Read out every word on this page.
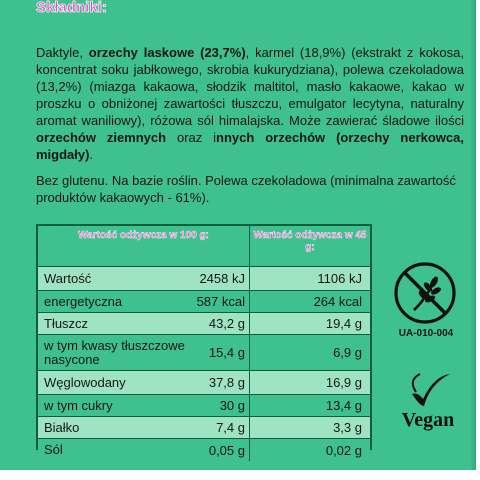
Składniki:

Daktyle, orzechy laskowe (23,7%), karmel (18,9%) (ekstrakt z kokosa, koncentrat soku jabłkowego, skrobia kukurydziana), polewa czekoladowa (13,2%) (miazga kakaowa, słodzik maltitol, masło kakaowe, kakao w proszku o obniżonej zawartości tłuszczu, emulgator lecytyna, naturalny aromat waniliowy), różowa sól himalajska. Może zawierać śladowe ilości orzechów ziemnych oraz innych orzechów (orzechy nerkowca, migdały).

Bez glutenu. Na bazie roślin. Polewa czekoladowa (minimalna zawartość produktów kakaowych - 61%).

Wartość odżywcza w 100 g:	Wartość odżywcza w 45 g:
Wartość	2458 kJ	1106 kJ
energetyczna	587 kcal	264 kcal
Tłuszcz	43,2 g	19,4 g
w tym kwasy tłuszczowe nasycone	15,4 g	6,9 g
Węglowodany	37,8 g	16,9 g
w tym cukry	30 g	13,4 g
Białko	7,4 g	3,3 g
Sól	0,05 g	0,02 g
UA-010-004
Vegan
